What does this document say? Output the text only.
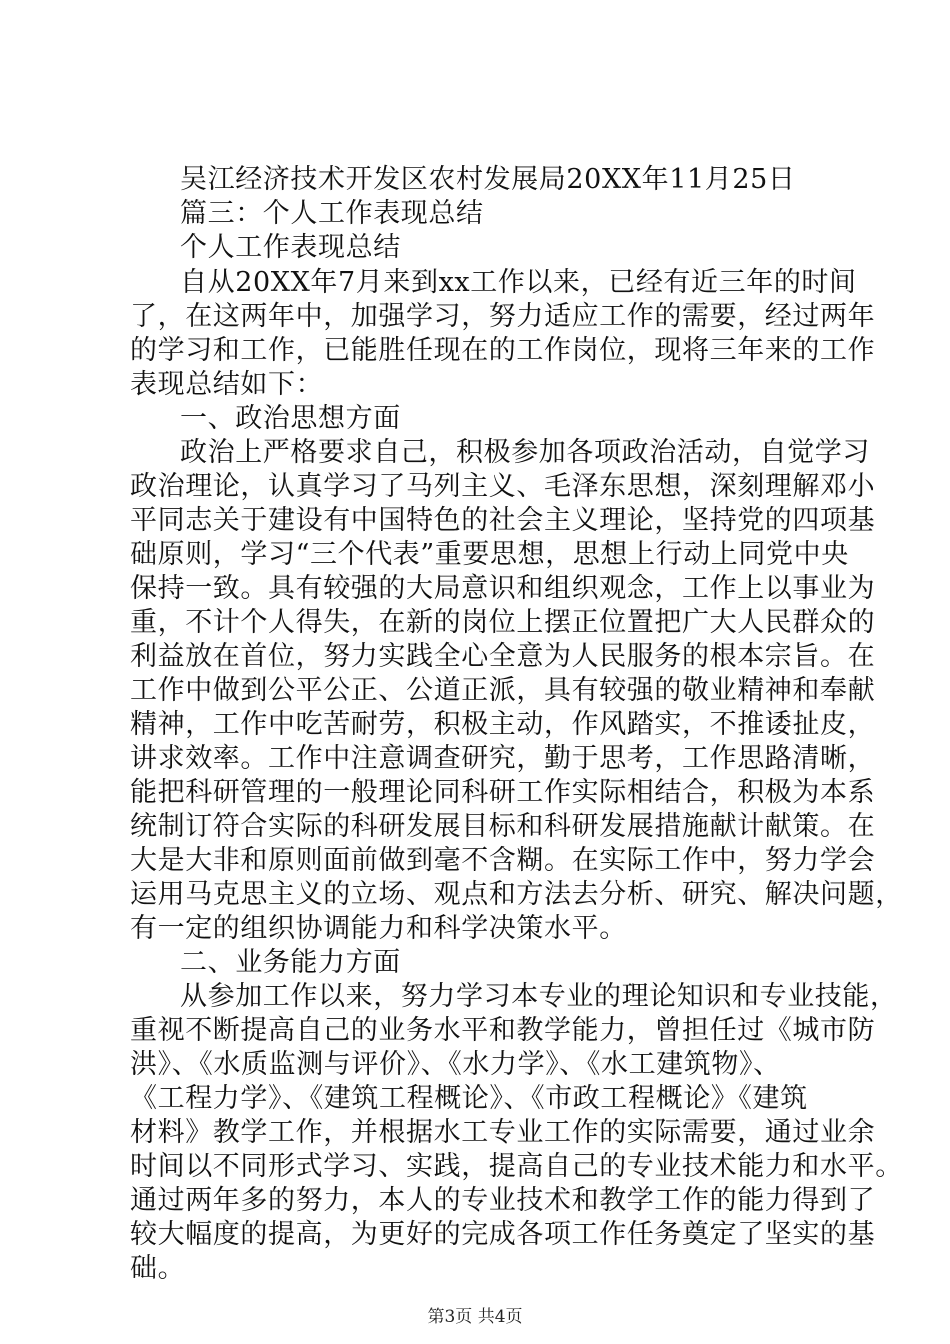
吴江经济技术开发区农村发展局20XX年11月25日
篇三：个人工作表现总结
个人工作表现总结
自从20XX年7月来到xx工作以来，已经有近三年的时间
了，在这两年中，加强学习，努力适应工作的需要，经过两年
的学习和工作，已能胜任现在的工作岗位，现将三年来的工作
表现总结如下：
一、政治思想方面
政治上严格要求自己，积极参加各项政治活动，自觉学习
政治理论，认真学习了马列主义、毛泽东思想，深刻理解邓小
平同志关于建设有中国特色的社会主义理论，坚持党的四项基
础原则，学习“三个代表”重要思想，思想上行动上同党中央
保持一致。具有较强的大局意识和组织观念，工作上以事业为
重，不计个人得失，在新的岗位上摆正位置把广大人民群众的
利益放在首位，努力实践全心全意为人民服务的根本宗旨。在
工作中做到公平公正、公道正派，具有较强的敬业精神和奉献
精神，工作中吃苦耐劳，积极主动，作风踏实，不推诿扯皮，
讲求效率。工作中注意调查研究，勤于思考，工作思路清晰，
能把科研管理的一般理论同科研工作实际相结合，积极为本系
统制订符合实际的科研发展目标和科研发展措施献计献策。在
大是大非和原则面前做到毫不含糊。在实际工作中，努力学会
运用马克思主义的立场、观点和方法去分析、研究、解决问题，
有一定的组织协调能力和科学决策水平。
二、业务能力方面
从参加工作以来，努力学习本专业的理论知识和专业技能，
重视不断提高自己的业务水平和教学能力，曾担任过《城市防
洪》、《水质监测与评价》、《水力学》、《水工建筑物》、
《工程力学》、《建筑工程概论》、《市政工程概论》《建筑
材料》教学工作，并根据水工专业工作的实际需要，通过业余
时间以不同形式学习、实践，提高自己的专业技术能力和水平。
通过两年多的努力，本人的专业技术和教学工作的能力得到了
较大幅度的提高，为更好的完成各项工作任务奠定了坚实的基
础。
第3页 共4页
